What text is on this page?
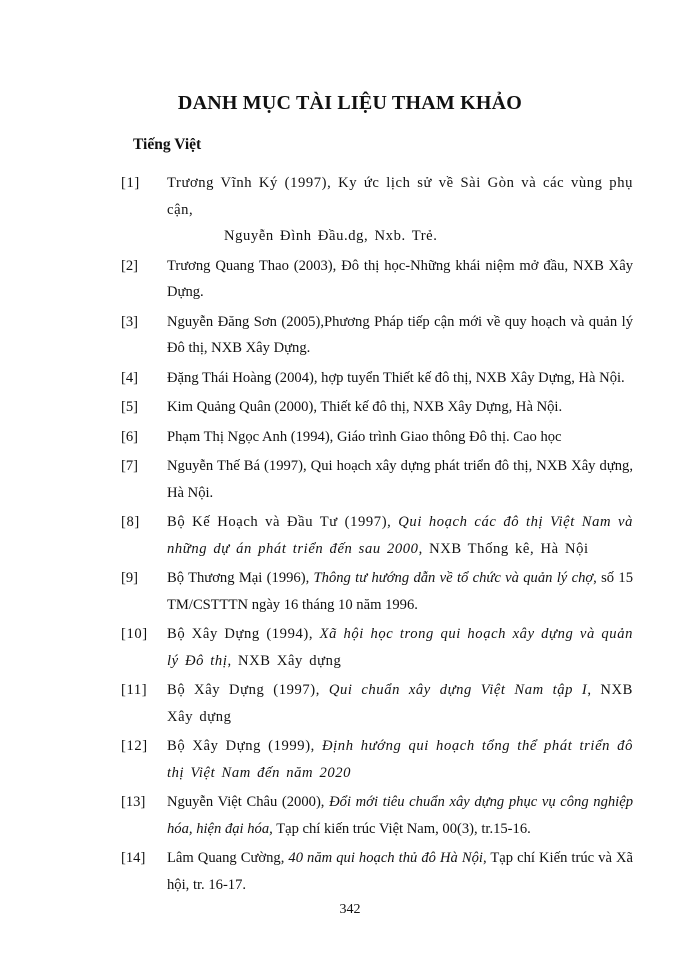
DANH MỤC TÀI LIỆU THAM KHẢO
Tiếng Việt
[1] Trương Vĩnh Ký (1997), Ky ức lịch sử về Sài Gòn và các vùng phụ cận,
Nguyễn Đình Đầu.dg, Nxb. Trẻ.
[2] Trương Quang Thao (2003), Đô thị học-Những khái niệm mở đầu, NXB Xây Dựng.
[3] Nguyễn Đăng Sơn (2005),Phương Pháp tiếp cận mới về quy hoạch và quản lý Đô thị, NXB Xây Dựng.
[4] Đặng Thái Hoàng (2004), hợp tuyển Thiết kế đô thị, NXB Xây Dựng, Hà Nội.
[5] Kim Quảng Quân (2000), Thiết kế đô thị, NXB Xây Dựng, Hà Nội.
[6] Phạm Thị Ngọc Anh (1994), Giáo trình Giao thông Đô thị. Cao học
[7] Nguyễn Thế Bá (1997), Qui hoạch xây dựng phát triển đô thị, NXB Xây dựng, Hà Nội.
[8] Bộ Kế Hoạch và Đầu Tư (1997), Qui hoạch các đô thị Việt Nam và những dự án phát triển đến sau 2000, NXB Thống kê, Hà Nội
[9] Bộ Thương Mại (1996), Thông tư hướng dẫn về tổ chức và quản lý chợ, số 15 TM/CSTTTN ngày 16 tháng 10 năm 1996.
[10] Bộ Xây Dựng (1994), Xã hội học trong qui hoạch xây dựng và quản lý Đô thị, NXB Xây dựng
[11] Bộ Xây Dựng (1997), Qui chuẩn xây dựng Việt Nam tập I, NXB Xây dựng
[12] Bộ Xây Dựng (1999), Định hướng qui hoạch tổng thể phát triển đô thị Việt Nam đến năm 2020
[13] Nguyễn Việt Châu (2000), Đổi mới tiêu chuẩn xây dựng phục vụ công nghiệp hóa, hiện đại hóa, Tạp chí kiến trúc Việt Nam, 00(3), tr.15-16.
[14] Lâm Quang Cường, 40 năm qui hoạch thủ đô Hà Nội, Tạp chí Kiến trúc và Xã hội, tr. 16-17.
342
